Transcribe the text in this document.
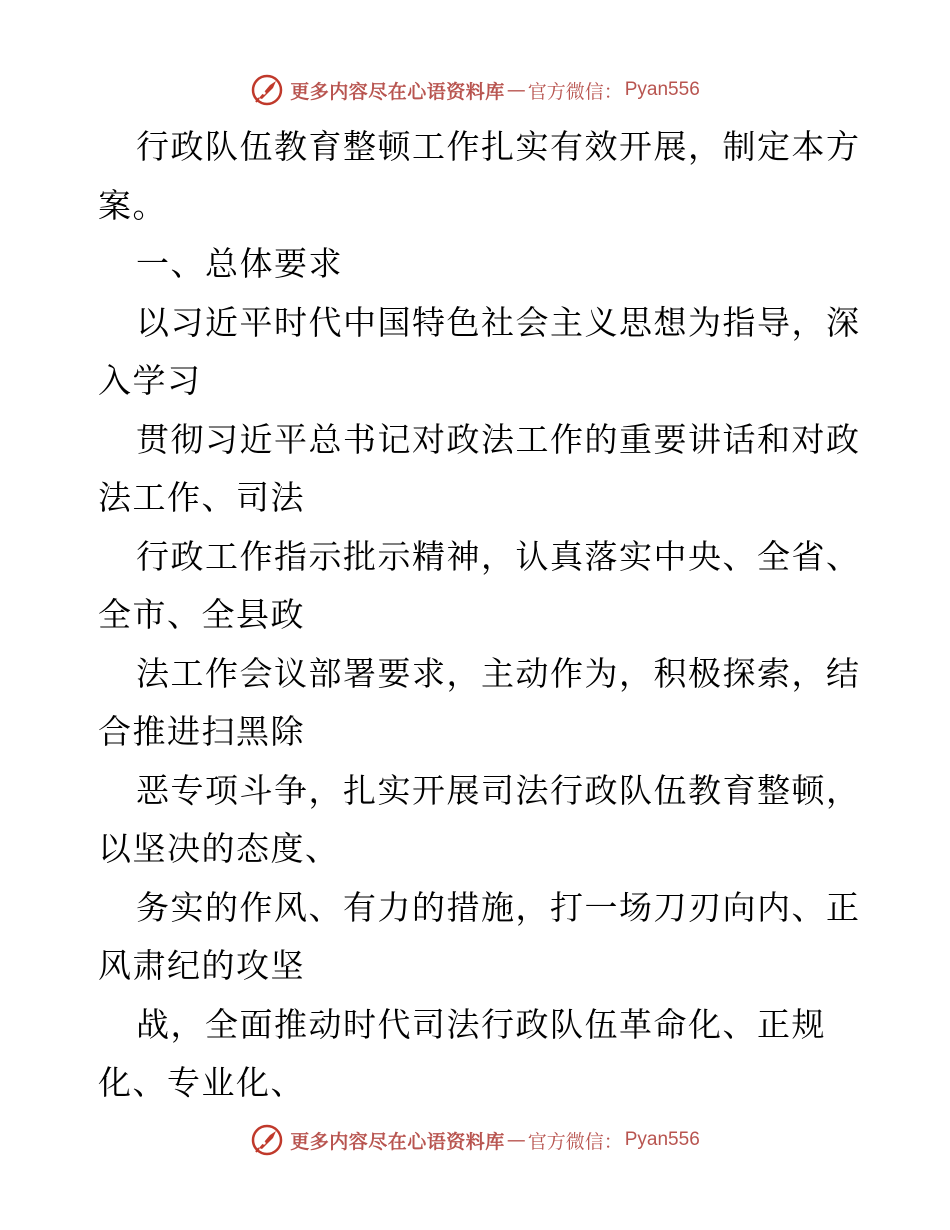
更多内容尽在心语资料库 — 官方微信： Pyan556
行政队伍教育整顿工作扎实有效开展，制定本方
案。
一、总体要求
以习近平时代中国特色社会主义思想为指导，深
入学习
贯彻习近平总书记对政法工作的重要讲话和对政
法工作、司法
行政工作指示批示精神，认真落实中央、全省、
全市、全县政
法工作会议部署要求，主动作为，积极探索，结
合推进扫黑除
恶专项斗争，扎实开展司法行政队伍教育整顿，
以坚决的态度、
务实的作风、有力的措施，打一场刀刃向内、正
风肃纪的攻坚
战，全面推动时代司法行政队伍革命化、正规
化、专业化、
更多内容尽在心语资料库 — 官方微信： Pyan556
